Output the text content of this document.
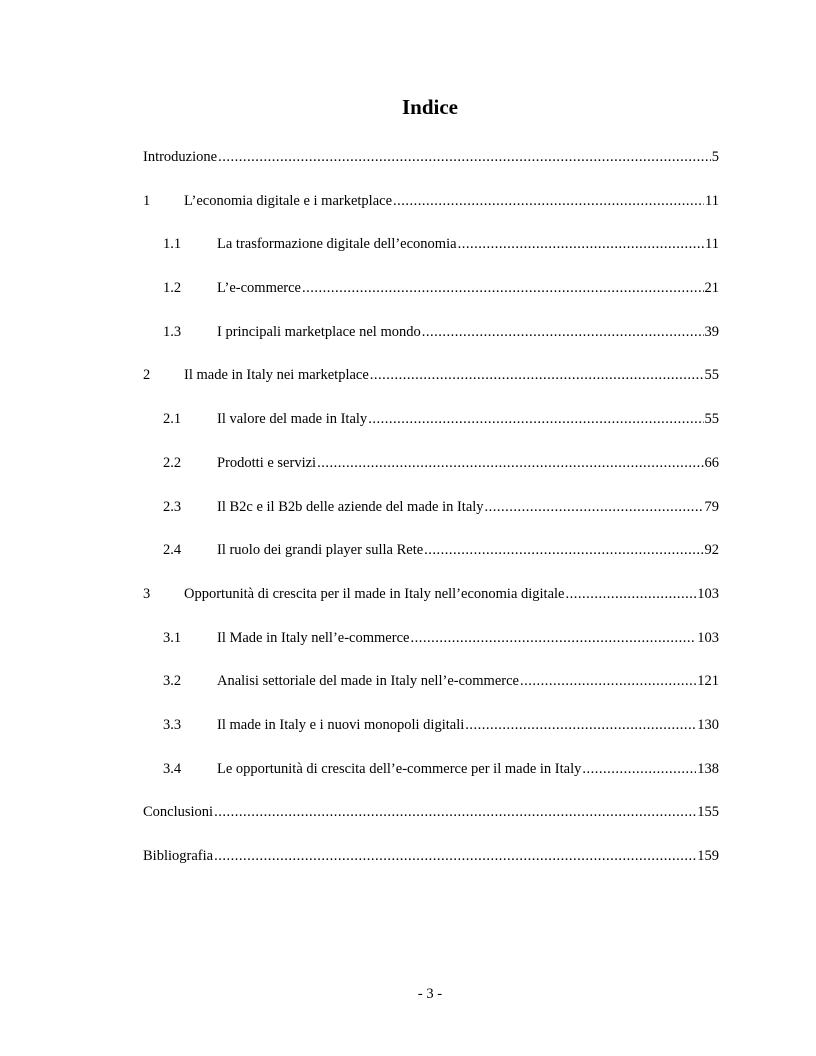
Indice
Introduzione .....	5
1	L’economia digitale e i marketplace .....	11
1.1	La trasformazione digitale dell’economia .....	11
1.2	L’e-commerce .....	21
1.3	I principali marketplace nel mondo .....	39
2	Il made in Italy nei marketplace .....	55
2.1	Il valore del made in Italy .....	55
2.2	Prodotti e servizi .....	66
2.3	Il B2c e il B2b delle aziende del made in Italy .....	79
2.4	Il ruolo dei grandi player sulla Rete .....	92
3	Opportunità di crescita per il made in Italy nell’economia digitale .....	103
3.1	Il Made in Italy nell’e-commerce .....	103
3.2	Analisi settoriale del made in Italy nell’e-commerce .....	121
3.3	Il made in Italy e i nuovi monopoli digitali .....	130
3.4	Le opportunità di crescita dell’e-commerce per il made in Italy .....	138
Conclusioni .....	155
Bibliografia .....	159
- 3 -
